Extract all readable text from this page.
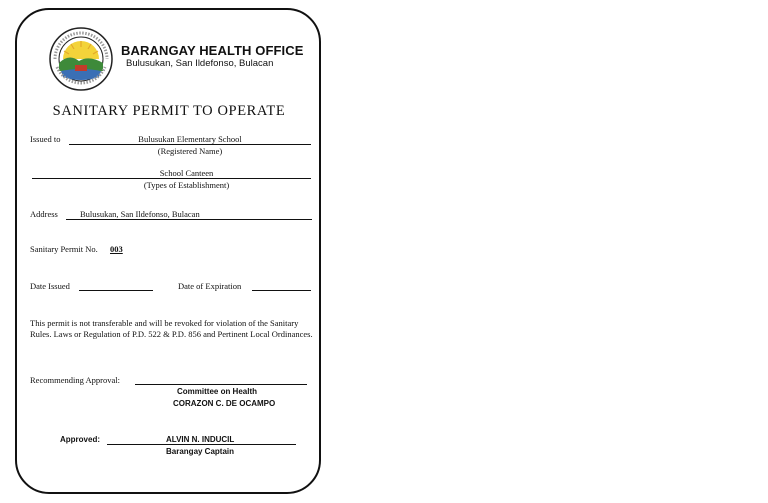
BARANGAY HEALTH OFFICE
Bulusukan, San Ildefonso, Bulacan
SANITARY PERMIT TO OPERATE
Issued to	Bulusukan Elementary School
(Registered Name)
School Canteen
(Types of Establishment)
Address	Bulusukan, San Ildefonso, Bulacan
Sanitary Permit No. 003
Date Issued	Date of Expiration
This permit is not transferable and will be revoked for violation of the Sanitary Rules. Laws or Regulation of P.D. 522 & P.D. 856 and Pertinent Local Ordinances.
Recommending Approval:
Committee on Health
CORAZON C. DE OCAMPO
Approved:	ALVIN N. INDUCIL
Barangay Captain
